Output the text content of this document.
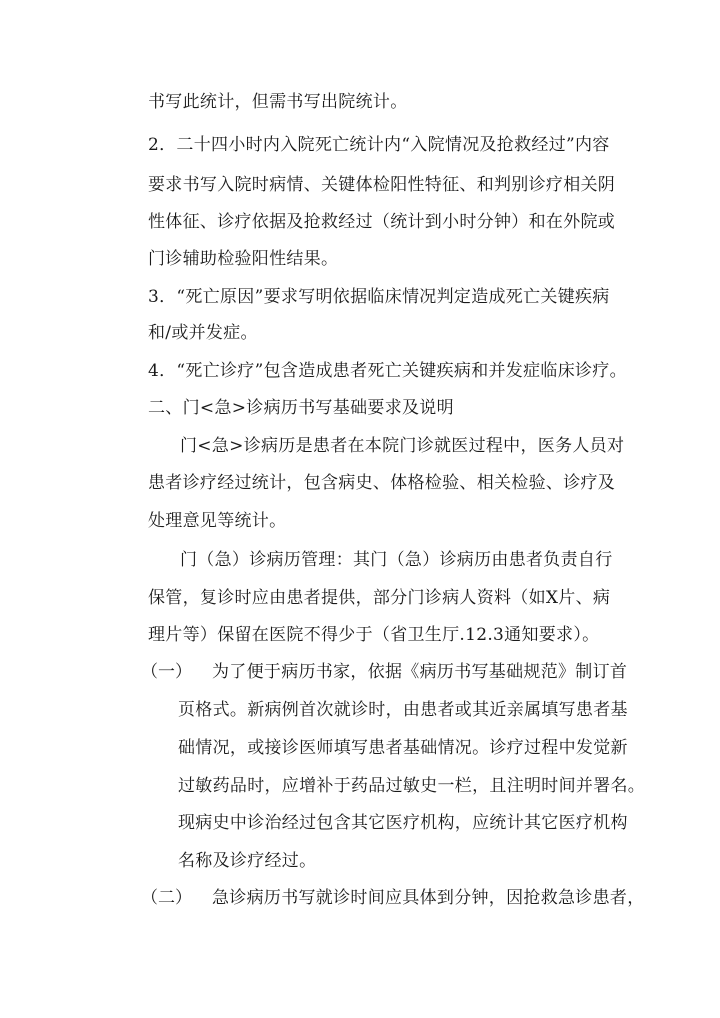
书写此统计，但需书写出院统计。
2．二十四小时内入院死亡统计内“入院情况及抢救经过”内容
要求书写入院时病情、关键体检阳性特征、和判别诊疗相关阴
性体征、诊疗依据及抢救经过（统计到小时分钟）和在外院或
门诊辅助检验阳性结果。
3．“死亡原因”要求写明依据临床情况判定造成死亡关键疾病
和/或并发症。
4．“死亡诊疗”包含造成患者死亡关键疾病和并发症临床诊疗。
二、门<急>诊病历书写基础要求及说明
门<急>诊病历是患者在本院门诊就医过程中，医务人员对
患者诊疗经过统计，包含病史、体格检验、相关检验、诊疗及
处理意见等统计。
门（急）诊病历管理：其门（急）诊病历由患者负责自行
保管，复诊时应由患者提供，部分门诊病人资料（如X片、病
理片等）保留在医院不得少于（省卫生厅.12.3通知要求）。
（一） 为了便于病历书家，依据《病历书写基础规范》制订首
页格式。新病例首次就诊时，由患者或其近亲属填写患者基
础情况，或接诊医师填写患者基础情况。诊疗过程中发觉新
过敏药品时，应增补于药品过敏史一栏，且注明时间并署名。
现病史中诊治经过包含其它医疗机构，应统计其它医疗机构
名称及诊疗经过。
（二） 急诊病历书写就诊时间应具体到分钟，因抢救急诊患者，
